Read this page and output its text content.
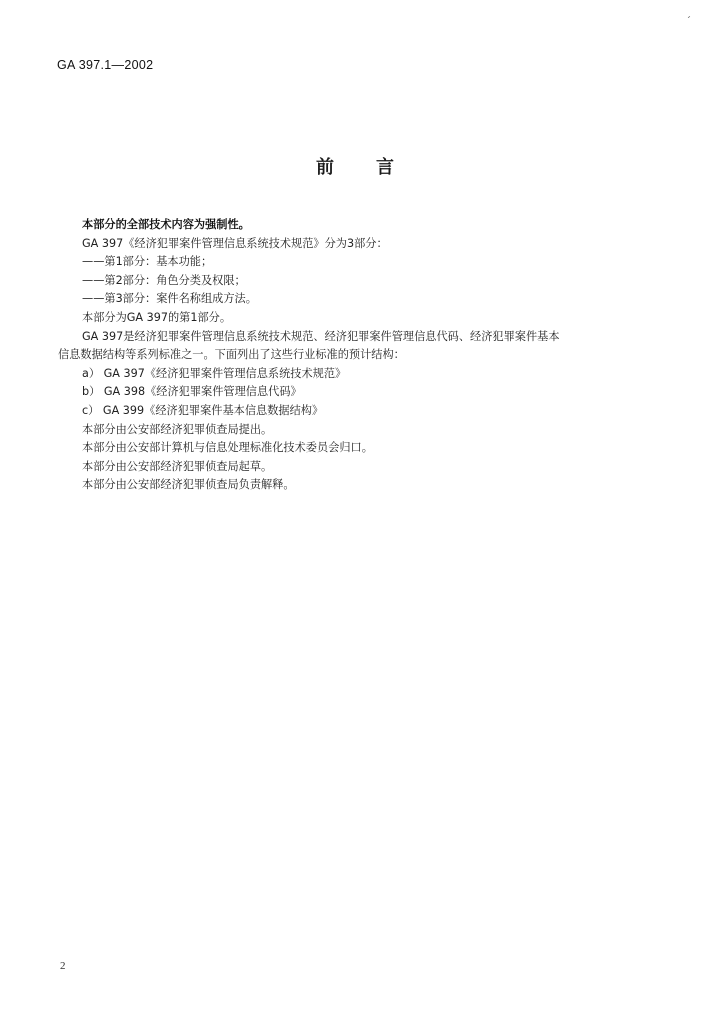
ˊ
GA 397.1—2002
前言
本部分的全部技术内容为强制性。
GA 397《经济犯罪案件管理信息系统技术规范》分为3部分：
——第1部分：基本功能；
——第2部分：角色分类及权限；
——第3部分：案件名称组成方法。
本部分为GA 397的第1部分。
GA 397是经济犯罪案件管理信息系统技术规范、经济犯罪案件管理信息代码、经济犯罪案件基本
信息数据结构等系列标准之一。下面列出了这些行业标准的预计结构：
a） GA 397《经济犯罪案件管理信息系统技术规范》
b） GA 398《经济犯罪案件管理信息代码》
c） GA 399《经济犯罪案件基本信息数据结构》
本部分由公安部经济犯罪侦查局提出。
本部分由公安部计算机与信息处理标准化技术委员会归口。
本部分由公安部经济犯罪侦查局起草。
本部分由公安部经济犯罪侦查局负责解释。
2
